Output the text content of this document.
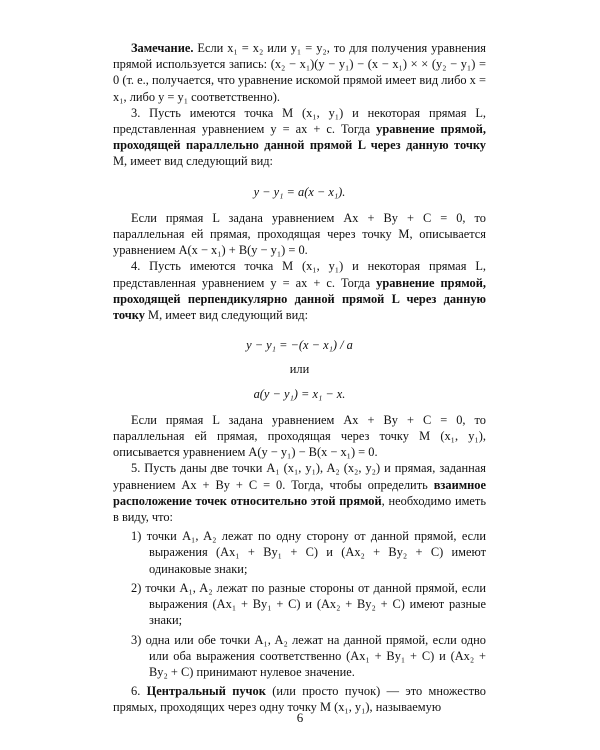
Замечание. Если x₁ = x₂ или y₁ = y₂, то для получения уравнения прямой используется запись: (x₂ − x₁)(y − y₁) − (x − x₁) × × (y₂ − y₁) = 0 (т. е., получается, что уравнение искомой прямой имеет вид либо x = x₁, либо y = y₁ соответственно).

3. Пусть имеются точка M (x₁, y₁) и некоторая прямая L, представленная уравнением y = ax + c. Тогда уравнение прямой, проходящей параллельно данной прямой L через данную точку M, имеет вид следующий вид:

y − y₁ = a(x − x₁).

Если прямая L задана уравнением Ax + By + C = 0, то параллельная ей прямая, проходящая через точку M, описывается уравнением A(x − x₁) + B(y − y₁) = 0.

4. Пусть имеются точка M (x₁, y₁) и некоторая прямая L, представленная уравнением y = ax + c. Тогда уравнение прямой, проходящей перпендикулярно данной прямой L через данную точку M, имеет вид следующий вид:

y − y₁ = −(x − x₁) / a
или
a(y − y₁) = x₁ − x.

Если прямая L задана уравнением Ax + By + C = 0, то параллельная ей прямая, проходящая через точку M (x₁, y₁), описывается уравнением A(y − y₁) − B(x − x₁) = 0.

5. Пусть даны две точки A₁ (x₁, y₁), A₂ (x₂, y₂) и прямая, заданная уравнением Ax + By + C = 0. Тогда, чтобы определить взаимное расположение точек относительно этой прямой, необходимо иметь в виду, что:

1) точки A₁, A₂ лежат по одну сторону от данной прямой, если выражения (Ax₁ + By₁ + C) и (Ax₂ + By₂ + C) имеют одинаковые знаки;

2) точки A₁, A₂ лежат по разные стороны от данной прямой, если выражения (Ax₁ + By₁ + C) и (Ax₂ + By₂ + C) имеют разные знаки;

3) одна или обе точки A₁, A₂ лежат на данной прямой, если одно или оба выражения соответственно (Ax₁ + By₁ + C) и (Ax₂ + By₂ + C) принимают нулевое значение.

6. Центральный пучок (или просто пучок) — это множество прямых, проходящих через одну точку M (x₁, y₁), называемую

6
